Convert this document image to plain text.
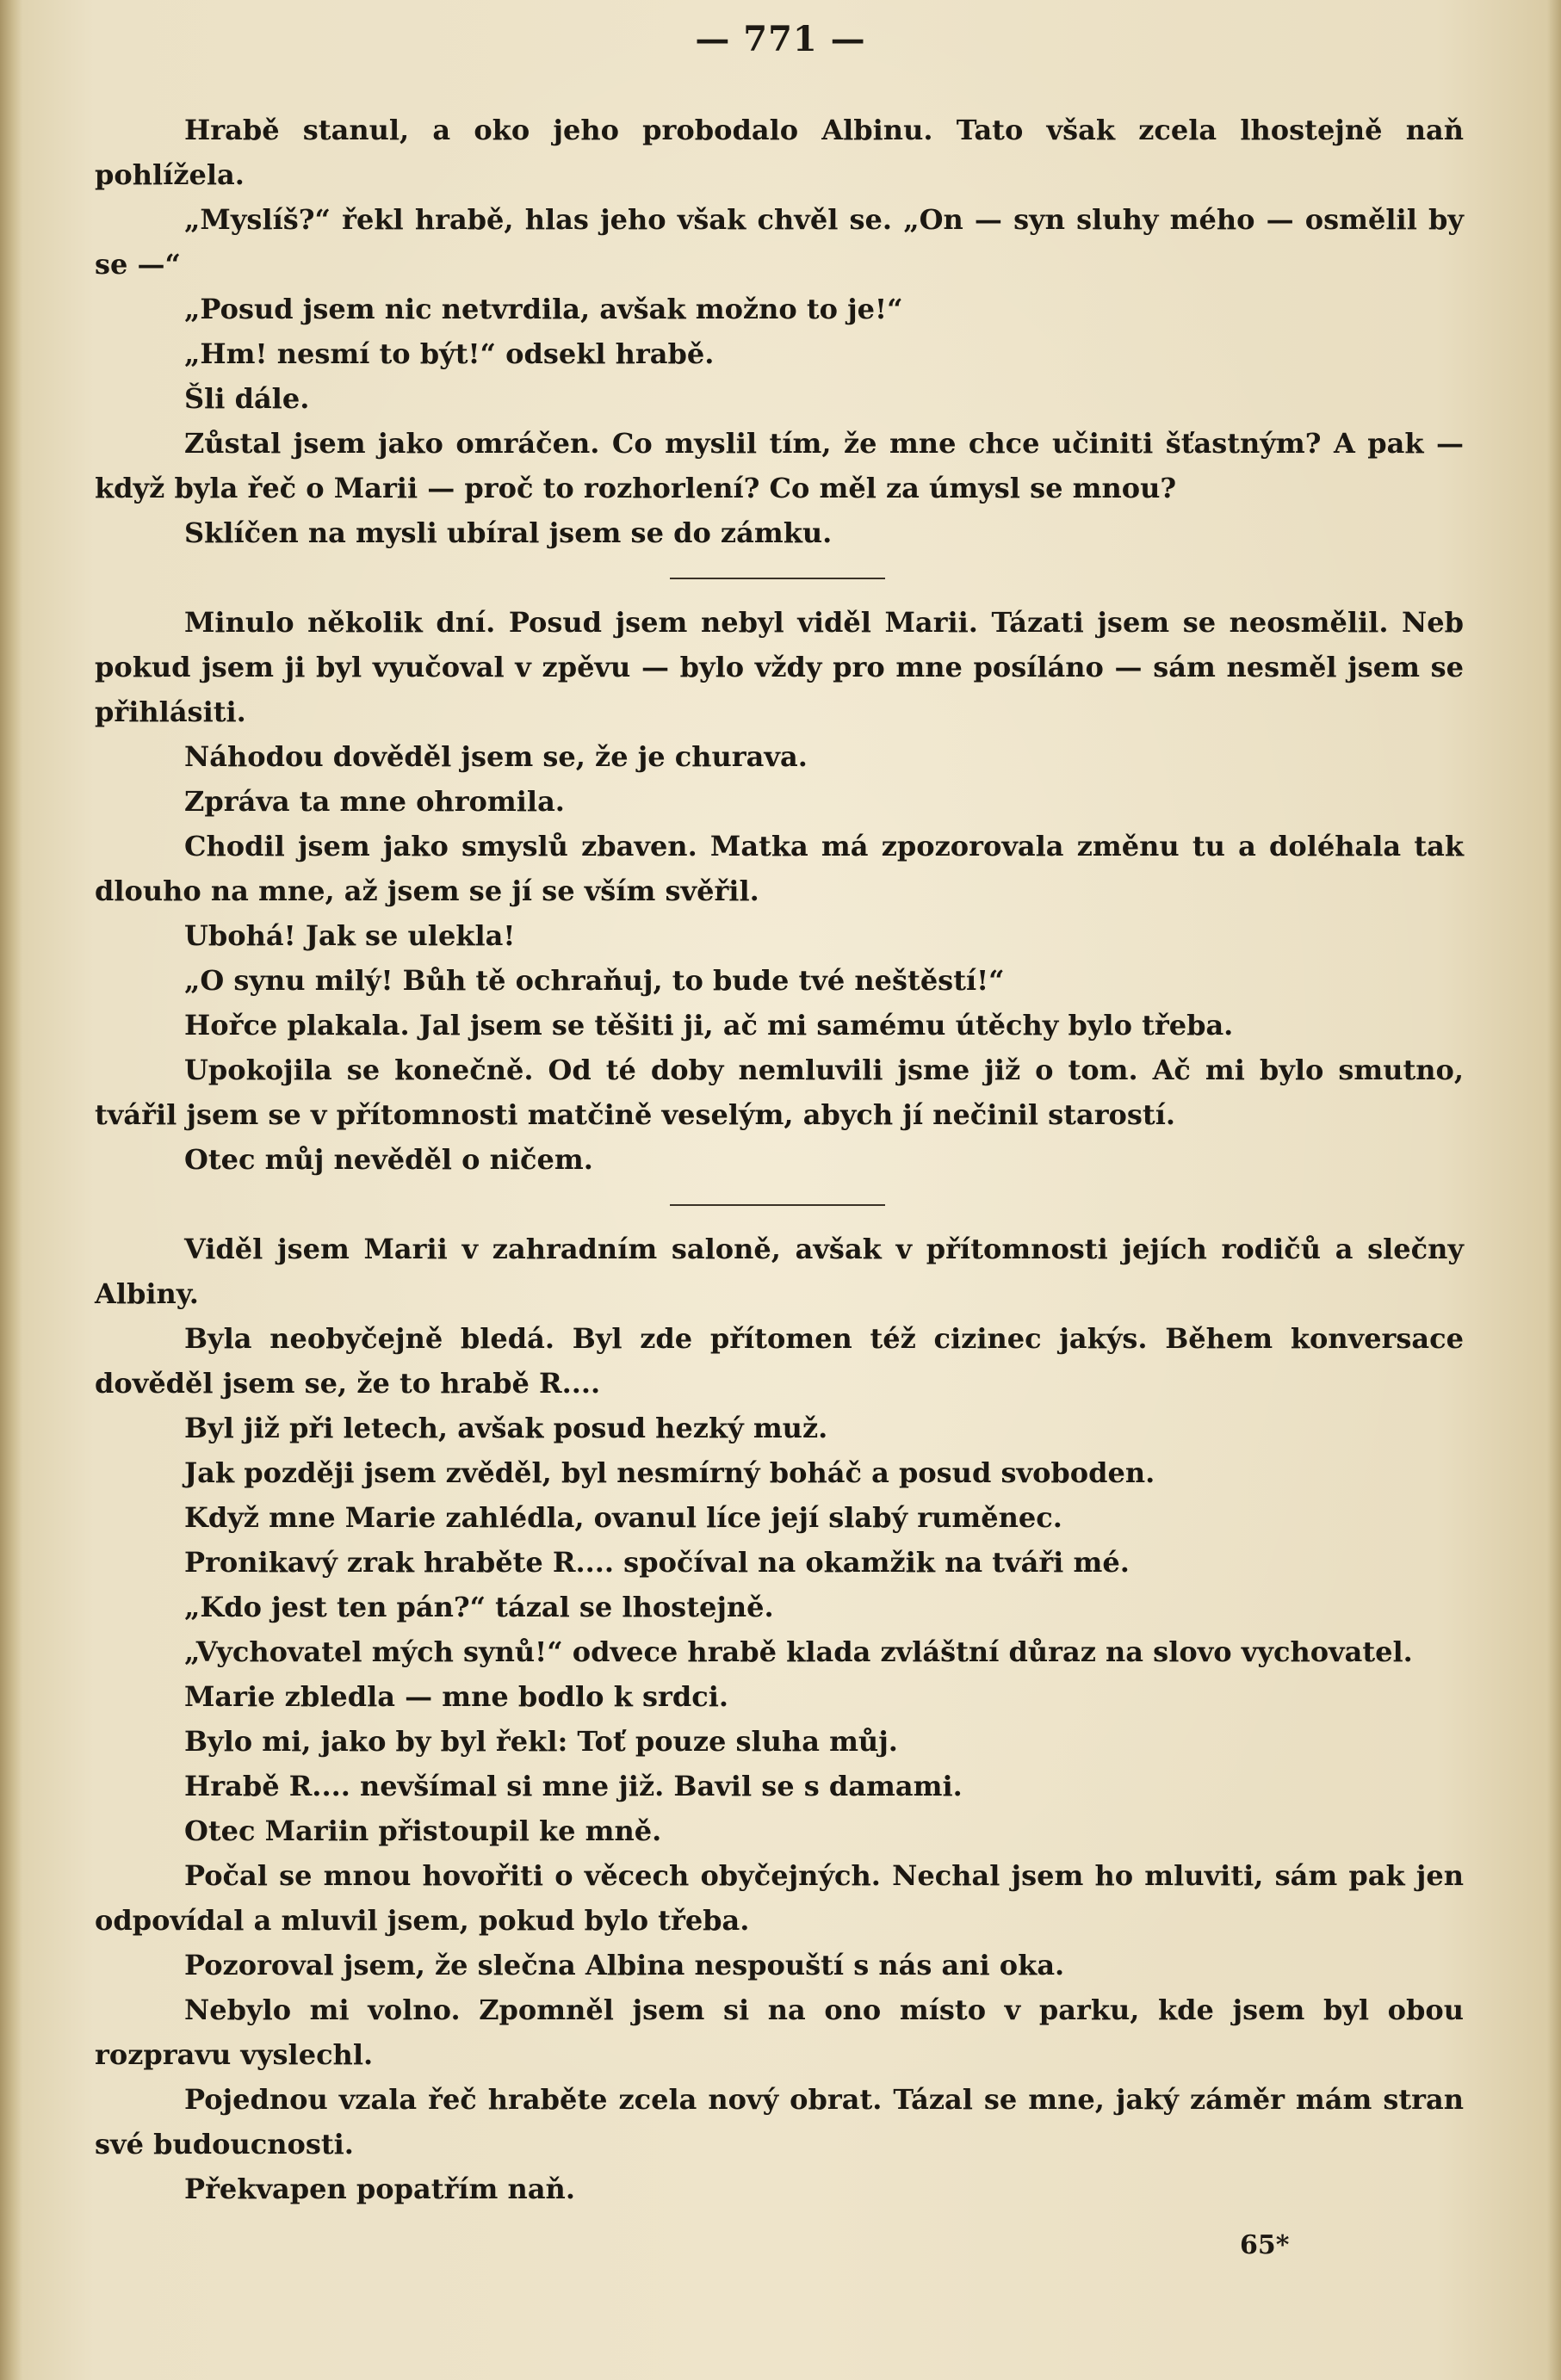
— 771 —

Hrabě stanul, a oko jeho probodalo Albinu. Tato však zcela lhostejně naň pohlížela.

„Myslíš?“ řekl hrabě, hlas jeho však chvěl se. „On — syn sluhy mého — osmělil by se —“

„Posud jsem nic netvrdila, avšak možno to je!“

„Hm! nesmí to být!“ odsekl hrabě.

Šli dále.

Zůstal jsem jako omráčen. Co myslil tím, že mne chce učiniti šťastným? A pak — když byla řeč o Marii — proč to rozhorlení? Co měl za úmysl se mnou?

Sklíčen na mysli ubíral jsem se do zámku.

Minulo několik dní. Posud jsem nebyl viděl Marii. Tázati jsem se neosmělil. Neb pokud jsem ji byl vyučoval v zpěvu — bylo vždy pro mne posíláno — sám nesměl jsem se přihlásiti.

Náhodou dověděl jsem se, že je churava.

Zpráva ta mne ohromila.

Chodil jsem jako smyslů zbaven. Matka má zpozorovala změnu tu a doléhala tak dlouho na mne, až jsem se jí se vším svěřil.

Ubohá! Jak se ulekla!

„O synu milý! Bůh tě ochraňuj, to bude tvé neštěstí!“

Hořce plakala. Jal jsem se těšiti ji, ač mi samému útěchy bylo třeba.

Upokojila se konečně. Od té doby nemluvili jsme již o tom. Ač mi bylo smutno, tvářil jsem se v přítomnosti matčině veselým, abych jí nečinil starostí.

Otec můj nevěděl o ničem.

Viděl jsem Marii v zahradním saloně, avšak v přítomnosti jejích rodičů a slečny Albiny.

Byla neobyčejně bledá. Byl zde přítomen též cizinec jakýs. Během konversace dověděl jsem se, že to hrabě R....

Byl již při letech, avšak posud hezký muž.

Jak později jsem zvěděl, byl nesmírný boháč a posud svoboden.

Když mne Marie zahlédla, ovanul líce její slabý ruměnec.

Pronikavý zrak hraběte R.... spočíval na okamžik na tváři mé.

„Kdo jest ten pán?“ tázal se lhostejně.

„Vychovatel mých synů!“ odvece hrabě klada zvláštní důraz na slovo vychovatel.

Marie zbledla — mne bodlo k srdci.

Bylo mi, jako by byl řekl: Toť pouze sluha můj.

Hrabě R.... nevšímal si mne již. Bavil se s damami.

Otec Mariin přistoupil ke mně.

Počal se mnou hovořiti o věcech obyčejných. Nechal jsem ho mluviti, sám pak jen odpovídal a mluvil jsem, pokud bylo třeba.

Pozoroval jsem, že slečna Albina nespouští s nás ani oka.

Nebylo mi volno. Zpomněl jsem si na ono místo v parku, kde jsem byl obou rozpravu vyslechl.

Pojednou vzala řeč hraběte zcela nový obrat. Tázal se mne, jaký záměr mám stran své budoucnosti.

Překvapen popatřím naň.

65*
